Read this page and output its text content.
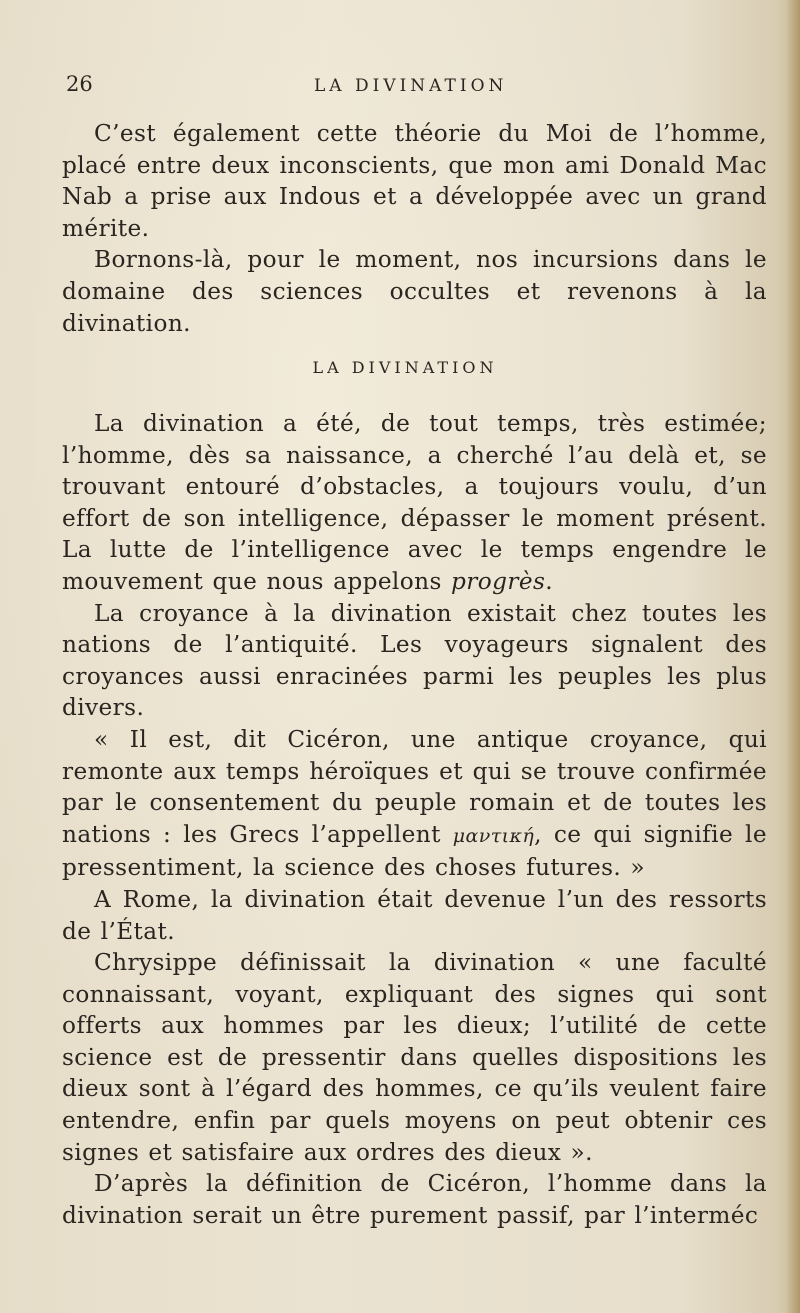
26	LA DIVINATION

C’est également cette théorie du Moi de l’homme, placé entre deux inconscients, que mon ami Donald Mac Nab a prise aux Indous et a développée avec un grand mérite.

Bornons-là, pour le moment, nos incursions dans le domaine des sciences occultes et revenons à la divination.

LA DIVINATION

La divination a été, de tout temps, très estimée; l’homme, dès sa naissance, a cherché l’au delà et, se trouvant entouré d’obstacles, a toujours voulu, d’un effort de son intelligence, dépasser le moment présent. La lutte de l’intelligence avec le temps engendre le mouvement que nous appelons progrès.

La croyance à la divination existait chez toutes les nations de l’antiquité. Les voyageurs signalent des croyances aussi enracinées parmi les peuples les plus divers.

« Il est, dit Cicéron, une antique croyance, qui remonte aux temps héroïques et qui se trouve confirmée par le consentement du peuple romain et de toutes les nations : les Grecs l’appellent μαντική, ce qui signifie le pressentiment, la science des choses futures. »

A Rome, la divination était devenue l’un des ressorts de l’État.

Chrysippe définissait la divination « une faculté connaissant, voyant, expliquant des signes qui sont offerts aux hommes par les dieux; l’utilité de cette science est de pressentir dans quelles dispositions les dieux sont à l’égard des hommes, ce qu’ils veulent faire entendre, enfin par quels moyens on peut obtenir ces signes et satisfaire aux ordres des dieux ».

D’après la définition de Cicéron, l’homme dans la divination serait un être purement passif, par l’interméc
